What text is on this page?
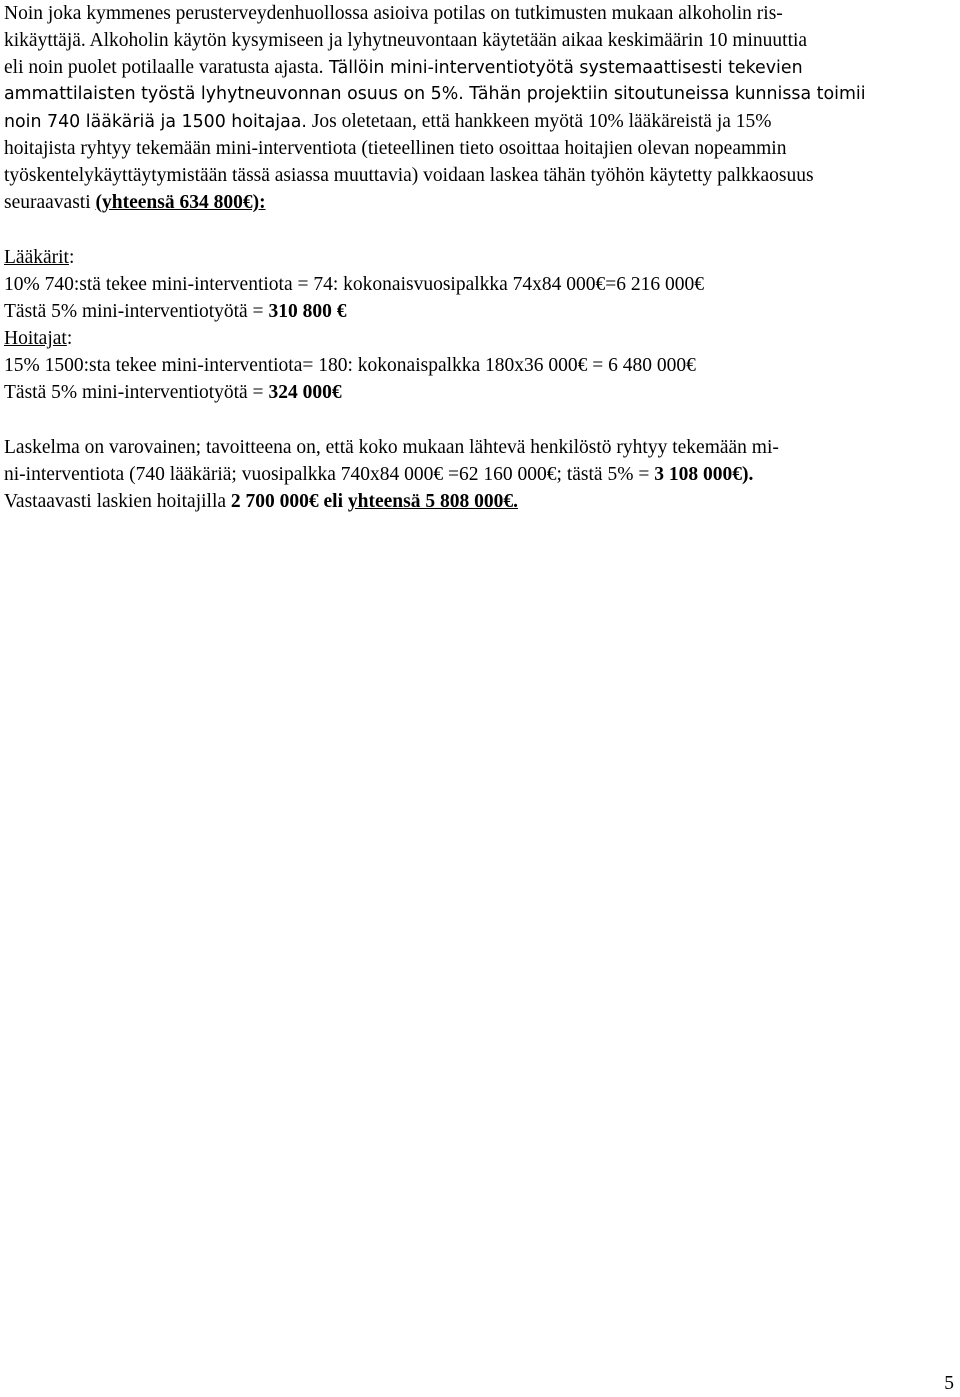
Noin joka kymmenes perusterveydenhuollossa asioiva potilas on tutkimusten mukaan alkoholin ris-
kikäyttäjä. Alkoholin käytön kysymiseen ja lyhytneuvontaan käytetään aikaa keskimäärin 10 minuuttia
eli noin puolet potilaalle varatusta ajasta. Tällöin mini-interventiotyötä systemaattisesti tekevien
ammattilaisten työstä lyhytneuvonnan osuus on 5%. Tähän projektiin sitoutuneissa kunnissa toimii
noin 740 lääkäriä ja 1500 hoitajaa. Jos oletetaan, että hankkeen myötä 10% lääkäreistä ja 15%
hoitajista ryhtyy tekemään mini-interventiota (tieteellinen tieto osoittaa hoitajien olevan nopeammin
työskentelykäyttäytymistään tässä asiassa muuttavia) voidaan laskea tähän työhön käytetty palkkaosuus
seuraavasti (yhteensä 634 800€):
Lääkärit:
10% 740:stä tekee mini-interventiota = 74: kokonaisvuosipalkka 74x84 000€=6 216 000€
Tästä 5% mini-interventiotyötä = 310 800 €
Hoitajat:
15% 1500:sta tekee mini-interventiota= 180: kokonaispalkka 180x36 000€ = 6 480 000€
Tästä 5% mini-interventiotyötä = 324 000€
Laskelma on varovainen; tavoitteena on, että koko mukaan lähtevä henkilöstö ryhtyy tekemään mi-
ni-interventiota (740 lääkäriä; vuosipalkka 740x84 000€ =62 160 000€; tästä 5% = 3 108 000€).
Vastaavasti laskien hoitajilla 2 700 000€ eli yhteensä 5 808 000€.
5
